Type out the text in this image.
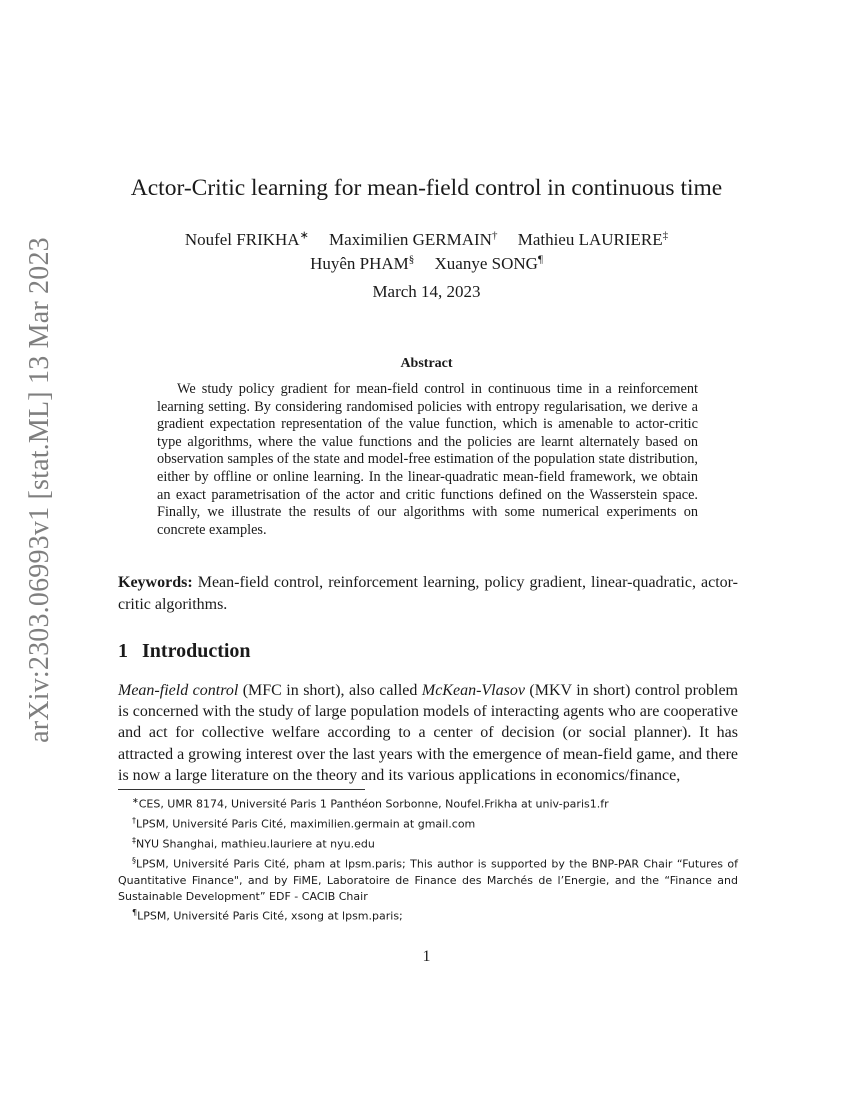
arXiv:2303.06993v1 [stat.ML] 13 Mar 2023
Actor-Critic learning for mean-field control in continuous time
Noufel FRIKHA∗ Maximilien GERMAIN† Mathieu LAURIERE‡
Huyên PHAM§ Xuanye SONG¶
March 14, 2023
Abstract

We study policy gradient for mean-field control in continuous time in a reinforcement learning setting. By considering randomised policies with entropy regularisation, we derive a gradient expectation representation of the value function, which is amenable to actor-critic type algorithms, where the value functions and the policies are learnt alternately based on observation samples of the state and model-free estimation of the population state distribution, either by offline or online learning. In the linear-quadratic mean-field framework, we obtain an exact parametrisation of the actor and critic functions defined on the Wasserstein space. Finally, we illustrate the results of our algorithms with some numerical experiments on concrete examples.

Keywords: Mean-field control, reinforcement learning, policy gradient, linear-quadratic, actor-critic algorithms.

1 Introduction

Mean-field control (MFC in short), also called McKean-Vlasov (MKV in short) control problem is concerned with the study of large population models of interacting agents who are cooperative and act for collective welfare according to a center of decision (or social planner). It has attracted a growing interest over the last years with the emergence of mean-field game, and there is now a large literature on the theory and its various applications in economics/finance,

∗CES, UMR 8174, Université Paris 1 Panthéon Sorbonne, Noufel.Frikha at univ-paris1.fr

†LPSM, Université Paris Cité, maximilien.germain at gmail.com

‡NYU Shanghai, mathieu.lauriere at nyu.edu

§LPSM, Université Paris Cité, pham at lpsm.paris; This author is supported by the BNP-PAR Chair “Futures of Quantitative Finance", and by FiME, Laboratoire de Finance des Marchés de l’Energie, and the “Finance and Sustainable Development” EDF - CACIB Chair

¶LPSM, Université Paris Cité, xsong at lpsm.paris;

1
